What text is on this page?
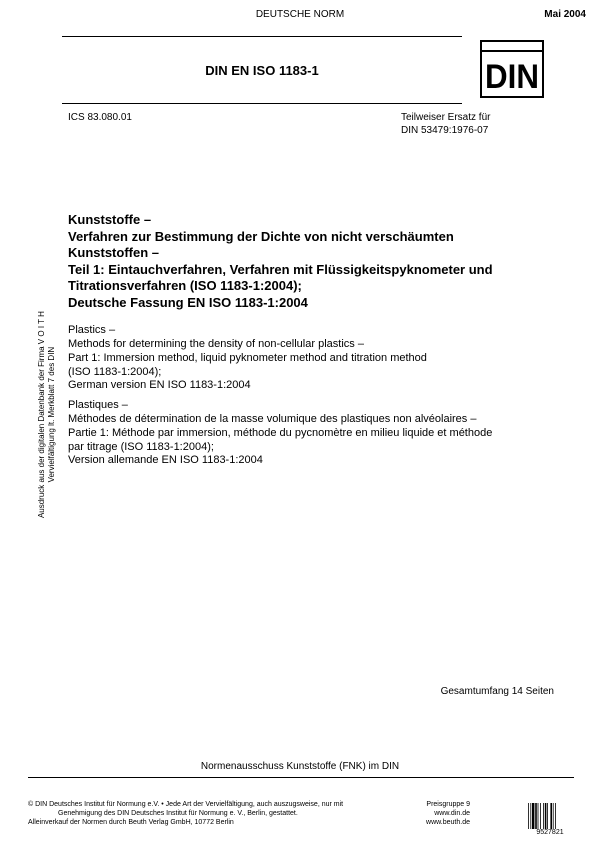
DEUTSCHE NORM	Mai 2004
DIN EN ISO 1183-1	DIN
ICS 83.080.01	Teilweiser Ersatz für
DIN 53479:1976-07
Ausdruck aus der digitalen Datenbank der Firma V O I T H Vervielfältigung lt. Merkblatt 7 des DIN
Kunststoffe –
Verfahren zur Bestimmung der Dichte von nicht verschäumten
Kunststoffen –
Teil 1: Eintauchverfahren, Verfahren mit Flüssigkeitspyknometer und
Titrationsverfahren (ISO 1183-1:2004);
Deutsche Fassung EN ISO 1183-1:2004
Plastics –
Methods for determining the density of non-cellular plastics –
Part 1: Immersion method, liquid pyknometer method and titration method
(ISO 1183-1:2004);
German version EN ISO 1183-1:2004
Plastiques –
Méthodes de détermination de la masse volumique des plastiques non alvéolaires –
Partie 1: Méthode par immersion, méthode du pycnomètre en milieu liquide et méthode
par titrage (ISO 1183-1:2004);
Version allemande EN ISO 1183-1:2004
Gesamtumfang 14 Seiten
Normenausschuss Kunststoffe (FNK) im DIN
© DIN Deutsches Institut für Normung e.V. • Jede Art der Vervielfältigung, auch auszugsweise, nur mit
Genehmigung des DIN Deutsches Institut für Normung e. V., Berlin, gestattet.
Alleinverkauf der Normen durch Beuth Verlag GmbH, 10772 Berlin
Preisgruppe 9
www.din.de
www.beuth.de
9527821
